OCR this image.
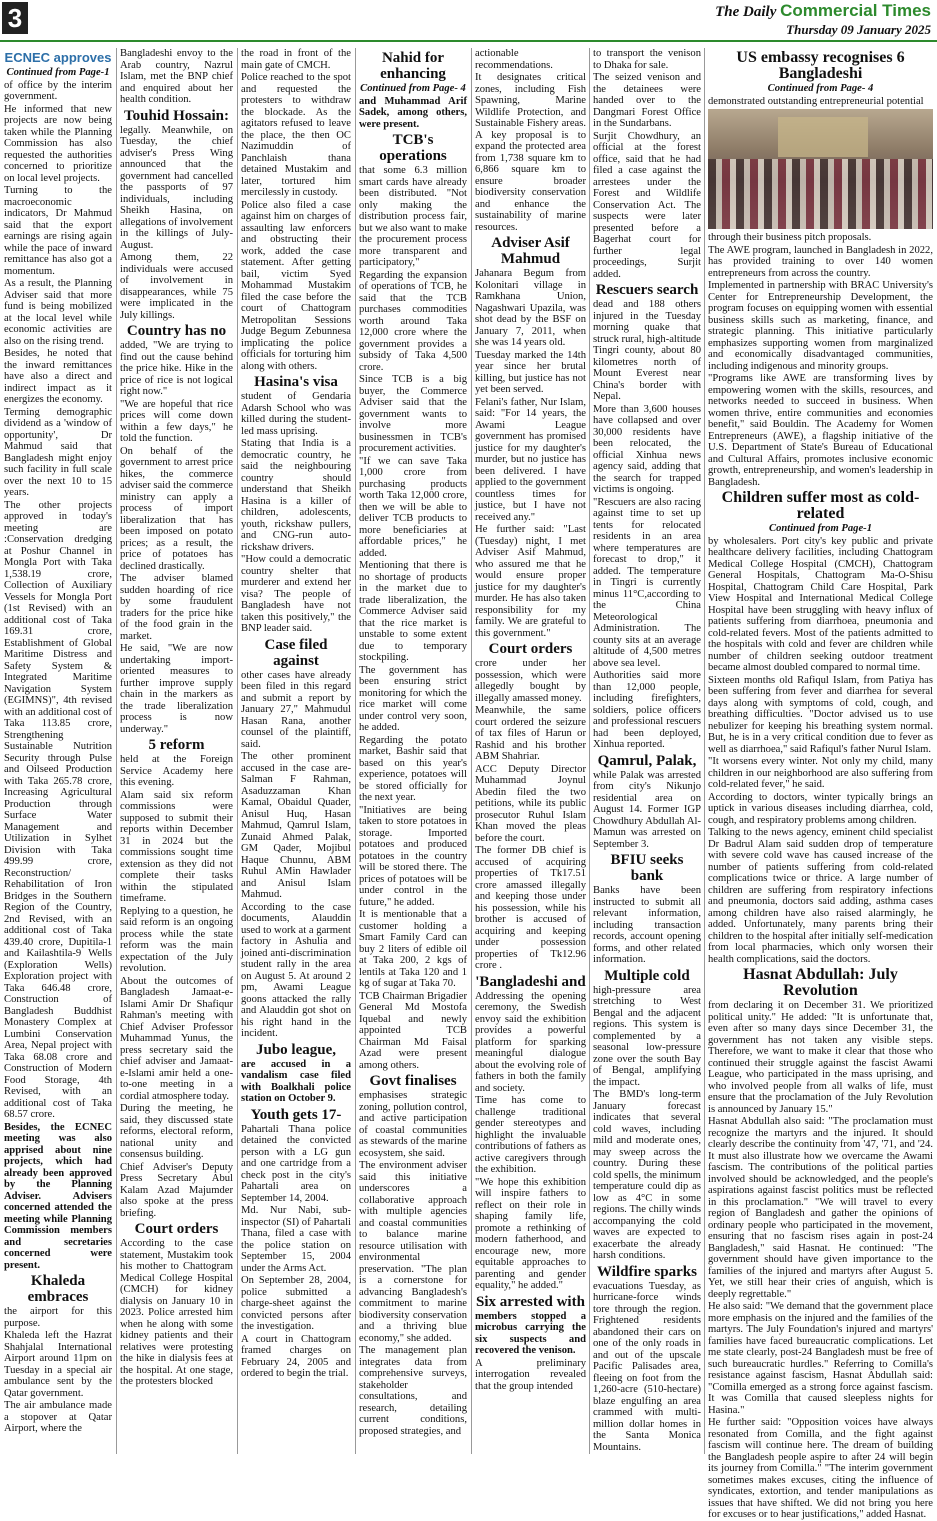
3	The Daily Commercial Times
Thursday 09 January 2025
ECNEC approves

Continued from Page-1

of office by the interim government.

He informed that new projects are now being taken while the Planning Commission has also requested the authorities concerned to prioritize on local level projects.

Turning to the macroeconomic indicators, Dr Mahmud said that the export earnings are rising again while the pace of inward remittance has also got a momentum.

As a result, the Planning Adviser said that more fund is being mobilized at the local level while economic activities are also on the rising trend.

Besides, he noted that the inward remittances have also a direct and indirect impact as it energizes the economy.

Terming demographic dividend as a 'window of opportunity', Dr Mahmud said that Bangladesh might enjoy such facility in full scale over the next 10 to 15 years.

The other projects approved in today's meeting are :Conservation dredging at Poshur Channel in Mongla Port with Taka 1,538.19 crore, Collection of Auxiliary Vessels for Mongla Port (1st Revised) with an additional cost of Taka 169.31 crore, Establishment of Global Maritime Distress and Safety System & Integrated Maritime Navigation System (EGIMNS)", 4th revised with an additional cost of Taka 113.85 crore, Strengthening Sustainable Nutrition Security through Pulse and Oilseed Production with Taka 265.78 crore, Increasing Agricultural Production through Surface Water Management and Utilization in Sylhet Division with Taka 499.99 crore, Reconstruction/ Rehabilitation of Iron Bridges in the Southern Region of the Country, 2nd Revised, with an additional cost of Taka 439.40 crore, Dupitila-1 and Kailashtila-9 Wells (Exploration Wells) Exploration project with Taka 646.48 crore, Construction of Bangladesh Buddhist Monastery Complex at Lumbini Conservation Area, Nepal project with Taka 68.08 crore and Construction of Modern Food Storage, 4th Revised, with an additional cost of Taka 68.57 crore.

Besides, the ECNEC meeting was also apprised about nine projects, which had already been approved by the Planning Adviser. Advisers concerned attended the meeting while Planning Commission members and secretaries concerned were present.

Khaleda embraces

the airport for this purpose.

Khaleda left the Hazrat Shahjalal International Airport around 11pm on Tuesday in a special air ambulance sent by the Qatar government.

The air ambulance made a stopover at Qatar Airport, where the

Bangladeshi envoy to the Arab country, Nazrul Islam, met the BNP chief and enquired about her health condition.

Touhid Hossain:

legally. Meanwhile, on Tuesday, the chief adviser's Press Wing announced that the government had cancelled the passports of 97 individuals, including Sheikh Hasina, on allegations of involvement in the killings of July-August.

Among them, 22 individuals were accused of involvement in disappearances, while 75 were implicated in the July killings.

Country has no

added, "We are trying to find out the cause behind the price hike. Hike in the price of rice is not logical right now."

"We are hopeful that rice prices will come down within a few days," he told the function.

On behalf of the government to arrest price hikes, the commerce adviser said the commerce ministry can apply a process of import liberalization that has been imposed on potato prices; as a result, the price of potatoes has declined drastically.

The adviser blamed sudden hoarding of rice by some fraudulent traders for the price hike of the food grain in the market.

He said, "We are now undertaking import-oriented measures to further improve supply chain in the markers as the trade liberalization process is now underway."

5 reform

held at the Foreign Service Academy here this evening.

Alam said six reform commissions were supposed to submit their reports within December 31 in 2024 but the commissions sought time extension as they did not complete their tasks within the stipulated timeframe.

Replying to a question, he said reform is an ongoing process while the state reform was the main expectation of the July revolution.

About the outcomes of Bangladesh Jamaat-e-Islami Amir Dr Shafiqur Rahman's meeting with Chief Adviser Professor Muhammad Yunus, the press secretary said the chief adviser and Jamaat-e-Islami amir held a one-to-one meeting in a cordial atmosphere today.

During the meeting, he said, they discussed state reforms, electoral reform, national unity and consensus building.

Chief Adviser's Deputy Press Secretary Abul Kalam Azad Majumder also spoke at the press briefing.

Court orders

According to the case statement, Mustakim took his mother to Chattogram Medical College Hospital (CMCH) for kidney dialysis on January 10 in 2023. Police arrested him when he along with some kidney patients and their relatives were protesting the hike in dialysis fees at the hospital. At one stage, the protesters blocked

the road in front of the main gate of CMCH.

Police reached to the spot and requested the protesters to withdraw the blockade. As the agitators refused to leave the place, the then OC Nazimuddin of Panchlaish thana detained Mustakim and later, tortured him mercilessly in custody.

Police also filed a case against him on charges of assaulting law enforcers and obstructing their work, added the case statement. After getting bail, victim Syed Mohammad Mustakim filed the case before the court of Chattogram Metropolitan Sessions Judge Begum Zebunnesa implicating the police officials for torturing him along with others.

Hasina's visa

student of Gendaria Adarsh School who was killed during the student-led mass uprising.

Stating that India is a democratic country, he said the neighbouring country should understand that Sheikh Hasina is a killer of children, adolescents, youth, rickshaw pullers, and CNG-run auto-rickshaw drivers.

"How could a democratic country shelter that murderer and extend her visa? The people of Bangladesh have not taken this positively," the BNP leader said.

Case filed against

other cases have already been filed in this regard and submit a report by January 27," Mahmudul Hasan Rana, another counsel of the plaintiff, said.

The other prominent accused in the case are- Salman F Rahman, Asaduzzaman Khan Kamal, Obaidul Quader, Anisul Huq, Hasan Mahmud, Qamrul Islam, Zunaid Ahmed Palak, GM Qader, Mojibul Haque Chunnu, ABM Ruhul AMin Hawlader and Anisul Islam Mahmud.

According to the case documents, Alauddin used to work at a garment factory in Ashulia and joined anti-discrimination student rally in the area on August 5. At around 2 pm, Awami League goons attacked the rally and Alauddin got shot on his right hand in the incident.

Jubo league,

are accused in a vandalism case filed with Boalkhali police station on October 9.

Youth gets 17-

Pahartali Thana police detained the convicted person with a LG gun and one cartridge from a check post in the city's Pahartali area on September 14, 2004.

Md. Nur Nabi, sub-inspector (SI) of Pahartali Thana, filed a case with the police station on September 15, 2004 under the Arms Act.

On September 28, 2004, police submitted a charge-sheet against the convicted persons after the investigation.

A court in Chattogram framed charges on February 24, 2005 and ordered to begin the trial.

Nahid for enhancing

Continued from Page- 4

and Muhammad Arif Sadek, among others, were present.

TCB's operations

that some 6.3 million smart cards have already been distributed. "Not only making the distribution process fair, but we also want to make the procurement process more transparent and participatory,"

Regarding the expansion of operations of TCB, he said that the TCB purchases commodities worth around Taka 12,000 crore where the government provides a subsidy of Taka 4,500 crore.

Since TCB is a big buyer, the Commerce Adviser said that the government wants to involve more businessmen in TCB's procurement activities.

"If we can save Taka 1,000 crore from purchasing products worth Taka 12,000 crore, then we will be able to deliver TCB products to more beneficiaries at affordable prices," he added.

Mentioning that there is no shortage of products in the market due to trade liberalization, the Commerce Adviser said that the rice market is unstable to some extent due to temporary stockpiling.

The government has been ensuring strict monitoring for which the rice market will come under control very soon, he added.

Regarding the potato market, Bashir said that based on this year's experience, potatoes will be stored officially for the next year.

"Initiatives are being taken to store potatoes in storage. Imported potatoes and produced potatoes in the country will be stored there. The prices of potatoes will be under control in the future," he added.

It is mentionable that a customer holding a Smart Family Card can buy 2 liters of edible oil at Taka 200, 2 kgs of lentils at Taka 120 and 1 kg of sugar at Taka 70.

TCB Chairman Brigadier General Md Mostofa Iquebal and newly appointed TCB Chairman Md Faisal Azad were present among others.

Govt finalises

emphasises strategic zoning, pollution control, and active participation of coastal communities as stewards of the marine ecosystem, she said.

The environment adviser said this initiative underscores a collaborative approach with multiple agencies and coastal communities to balance marine resource utilisation with environmental preservation. "The plan is a cornerstone for advancing Bangladesh's commitment to marine biodiversity conservation and a thriving blue economy," she added.

The management plan integrates data from comprehensive surveys, stakeholder consultations, and research, detailing current conditions, proposed strategies, and

actionable recommendations.

It designates critical zones, including Fish Spawning, Marine Wildlife Protection, and Sustainable Fishery areas. A key proposal is to expand the protected area from 1,738 square km to 6,866 square km to ensure broader biodiversity conservation and enhance the sustainability of marine resources.

Adviser Asif Mahmud

Jahanara Begum from Kolonitari village in Ramkhana Union, Nagashwari Upazila, was shot dead by the BSF on January 7, 2011, when she was 14 years old.

Tuesday marked the 14th year since her brutal killing, but justice has not yet been served.

Felani's father, Nur Islam, said: "For 14 years, the Awami League government has promised justice for my daughter's murder, but no justice has been delivered. I have applied to the government countless times for justice, but I have not received any."

He further said: "Last (Tuesday) night, I met Adviser Asif Mahmud, who assured me that he would ensure proper justice for my daughter's murder. He has also taken responsibility for my family. We are grateful to this government."

Court orders

crore under her possession, which were allegedly bought by illegally amassed money.

Meanwhile, the same court ordered the seizure of tax files of Harun or Rashid and his brother ABM Shahriar.

ACC Deputy Director Muhammad Joynul Abedin filed the two petitions, while its public prosecutor Ruhul Islam Khan moved the pleas before the court.

The former DB chief is accused of acquiring properties of Tk17.51 crore amassed illegally and keeping those under his possession, while his brother is accused of acquiring and keeping under possession properties of Tk12.96 crore .

'Bangladeshi and

Addressing the opening ceremony, the Swedish envoy said the exhibition provides a powerful platform for sparking meaningful dialogue about the evolving role of fathers in both the family and society.

Time has come to challenge traditional gender stereotypes and highlight the invaluable contributions of fathers as active caregivers through the exhibition.

"We hope this exhibition will inspire fathers to reflect on their role in shaping family life, promote a rethinking of modern fatherhood, and encourage new, more equitable approaches to parenting and gender equality," he added."

Six arrested with

members stopped a microbus carrying the six suspects and recovered the venison.

A preliminary interrogation revealed that the group intended

to transport the venison to Dhaka for sale.

The seized venison and the detainees were handed over to the Dangmari Forest Office in the Sundarbans.

Surjit Chowdhury, an official at the forest office, said that he had filed a case against the arrestees under the Forest and Wildlife Conservation Act. The suspects were later presented before a Bagerhat court for further legal proceedings, Surjit added.

Rescuers search

dead and 188 others injured in the Tuesday morning quake that struck rural, high-altitude Tingri county, about 80 kilometres north of Mount Everest near China's border with Nepal.

More than 3,600 houses have collapsed and over 30,000 residents have been relocated, the official Xinhua news agency said, adding that the search for trapped victims is ongoing.

"Rescuers are also racing against time to set up tents for relocated residents in an area where temperatures are forecast to drop," it added. The temperature in Tingri is currently minus 11°C,according to the China Meteorological Administration. The county sits at an average altitude of 4,500 metres above sea level.

Authorities said more than 12,000 people, including firefighters, soldiers, police officers and professional rescuers had been deployed, Xinhua reported.

Qamrul, Palak,

while Palak was arrested from city's Nikunjo residential area on August 14. Former IGP Chowdhury Abdullah Al-Mamun was arrested on September 3.

BFIU seeks bank

Banks have been instructed to submit all relevant information, including transaction records, account opening forms, and other related information.

Multiple cold

high-pressure area stretching to West Bengal and the adjacent regions. This system is complemented by a seasonal low-pressure zone over the south Bay of Bengal, amplifying the impact.

The BMD's long-term January forecast indicates that several cold waves, including mild and moderate ones, may sweep across the country. During these cold spells, the minimum temperature could dip as low as 4°C in some regions. The chilly winds accompanying the cold waves are expected to exacerbate the already harsh conditions.

Wildfire sparks

evacuations Tuesday, as hurricane-force winds tore through the region. Frightened residents abandoned their cars on one of the only roads in and out of the upscale Pacific Palisades area, fleeing on foot from the 1,260-acre (510-hectare) blaze engulfing an area crammed with multi-million dollar homes in the Santa Monica Mountains.

US embassy recognises 6 Bangladeshi

Continued from Page- 4

demonstrated outstanding entrepreneurial potential

through their business pitch proposals.

The AWE program, launched in Bangladesh in 2022, has provided training to over 140 women entrepreneurs from across the country.

Implemented in partnership with BRAC University's Center for Entrepreneurship Development, the program focuses on equipping women with essential business skills such as marketing, finance, and strategic planning. This initiative particularly emphasizes supporting women from marginalized and economically disadvantaged communities, including indigenous and minority groups.

"Programs like AWE are transforming lives by empowering women with the skills, resources, and networks needed to succeed in business. When women thrive, entire communities and economies benefit," said Bouldin. The Academy for Women Entrepreneurs (AWE), a flagship initiative of the U.S. Department of State's Bureau of Educational and Cultural Affairs, promotes inclusive economic growth, entrepreneurship, and women's leadership in Bangladesh.

Children suffer most as cold-related

Continued from Page-1

by wholesalers. Port city's key public and private healthcare delivery facilities, including Chattogram Medical College Hospital (CMCH), Chattogram General Hospitals, Chattogram Ma-O-Shisu Hospital, Chattogram Child Care Hospital, Park View Hospital and International Medical College Hospital have been struggling with heavy influx of patients suffering from diarrhoea, pneumonia and cold-related fevers. Most of the patients admitted to the hospitals with cold and fever are children while number of children seeking outdoor treatment became almost doubled compared to normal time.

Sixteen months old Rafiqul Islam, from Patiya has been suffering from fever and diarrhea for several days along with symptoms of cold, cough, and breathing difficulties. "Doctor advised us to use nebulizer for keeping his breathing system normal. But, he is in a very critical condition due to fever as well as diarrhoea," said Rafiqul's father Nurul Islam.

"It worsens every winter. Not only my child, many children in our neighborhood are also suffering from cold-related fever," he said.

According to doctors, winter typically brings an uptick in various diseases including diarrhea, cold, cough, and respiratory problems among children.

Talking to the news agency, eminent child specialist Dr Badrul Alam said sudden drop of temperature with severe cold wave has caused increase of the number of patients suffering from cold-related complications twice or thrice. A large number of children are suffering from respiratory infections and pneumonia, doctors said adding, asthma cases among children have also raised alarmingly, he added. Unfortunately, many parents bring their children to the hospital after initially self-medication from local pharmacies, which only worsen their health complications, said the doctors.

Hasnat Abdullah: July Revolution

from declaring it on December 31. We prioritized political unity." He added: "It is unfortunate that, even after so many days since December 31, the government has not taken any visible steps. Therefore, we want to make it clear that those who continued their struggle against the fascist Awami League, who participated in the mass uprising, and who involved people from all walks of life, must ensure that the proclamation of the July Revolution is announced by January 15."

Hasnat Abdullah also said: "The proclamation must recognize the martyrs and the injured. It should clearly describe the continuity from '47, '71, and '24. It must also illustrate how we overcame the Awami fascism. The contributions of the political parties involved should be acknowledged, and the people's aspirations against fascist politics must be reflected in this proclamation." "We will travel to every region of Bangladesh and gather the opinions of ordinary people who participated in the movement, ensuring that no fascism rises again in post-24 Bangladesh," said Hasnat. He continued: "The government should have given importance to the families of the injured and martyrs after August 5. Yet, we still hear their cries of anguish, which is deeply regrettable."

He also said: "We demand that the government place more emphasis on the injured and the families of the martyrs. The July Foundation's injured and martyrs' families have faced bureaucratic complications. Let me state clearly, post-24 Bangladesh must be free of such bureaucratic hurdles." Referring to Comilla's resistance against fascism, Hasnat Abdullah said: "Comilla emerged as a strong force against fascism. It was Comilla that caused sleepless nights for Hasina."

He further said: "Opposition voices have always resonated from Comilla, and the fight against fascism will continue here. The dream of building the Bangladesh people aspire to after 24 will begin its journey from Comilla." "The interim government sometimes makes excuses, citing the influence of syndicates, extortion, and tender manipulations as issues that have shifted. We did not bring you here for excuses or to hear justifications," added Hasnat.
